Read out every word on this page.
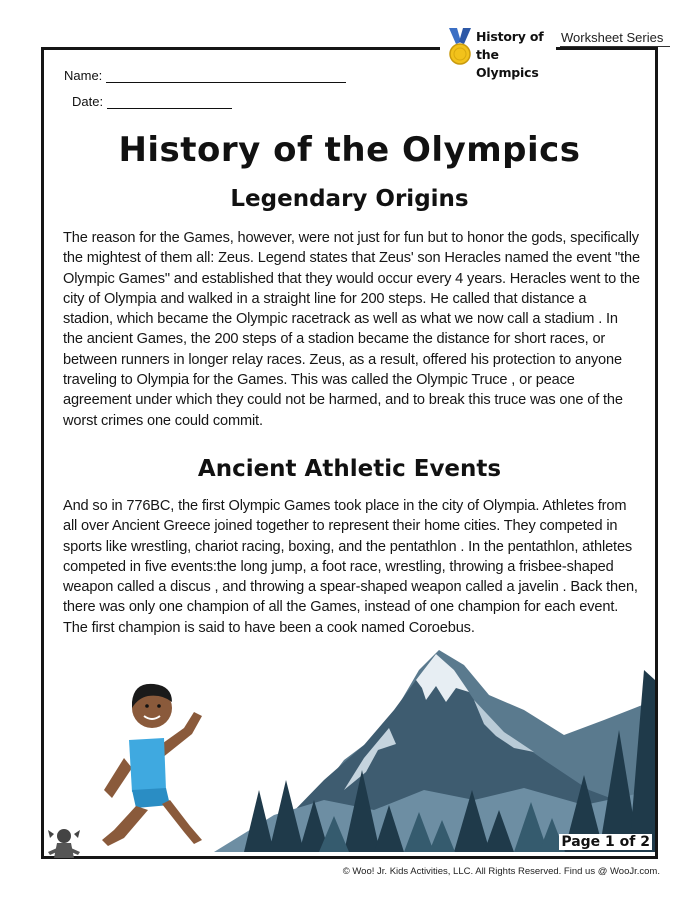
Worksheet Series
History of
the Olympics
Name:
Date:
History of the Olympics
Legendary Origins

The reason for the Games, however, were not just for fun but to honor the gods, specifically the mightest of them all: Zeus. Legend states that Zeus' son Heracles named the event "the Olympic Games" and established that they would occur every 4 years. Heracles went to the city of Olympia and walked in a straight line for 200 steps. He called that distance a stadion, which became the Olympic racetrack as well as what we now call a stadium . In the ancient Games, the 200 steps of a stadion became the distance for short races, or between runners in longer relay races. Zeus, as a result, offered his protection to anyone traveling to Olympia for the Games. This was called the Olympic Truce , or peace agreement under which they could not be harmed, and to break this truce was one of the worst crimes one could commit.

Ancient Athletic Events

And so in 776BC, the first Olympic Games took place in the city of Olympia. Athletes from all over Ancient Greece joined together to represent their home cities. They competed in sports like wrestling, chariot racing, boxing, and the pentathlon . In the pentathlon, athletes competed in five events:the long jump, a foot race, wrestling, throwing a frisbee-shaped weapon called a discus , and throwing a spear-shaped weapon called a javelin . Back then, there was only one champion of all the Games, instead of one champion for each event. The first champion is said to have been a cook named Coroebus.

Page 1 of 2
© Woo! Jr. Kids Activities, LLC. All Rights Reserved. Find us @ WooJr.com.
